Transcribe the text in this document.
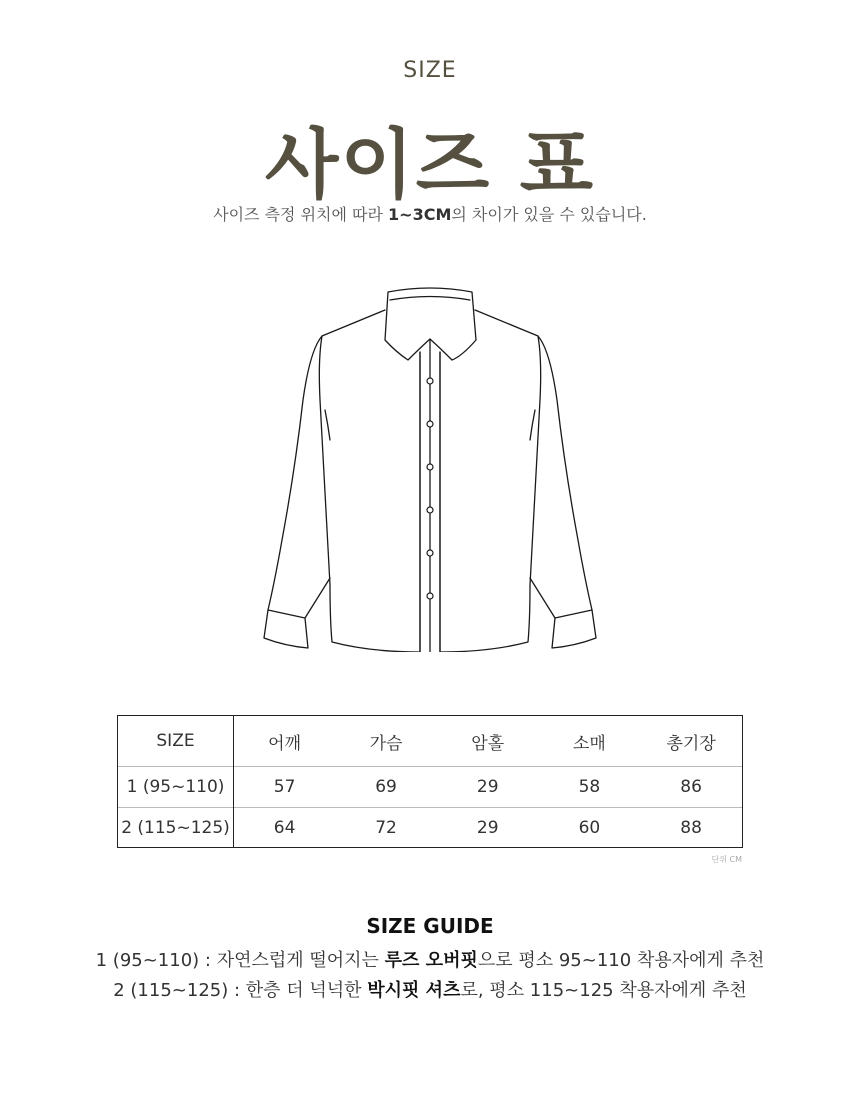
SIZE
사이즈 표
사이즈 측정 위치에 따라 1~3CM의 차이가 있을 수 있습니다.
SIZE	어깨	가슴	암홀	소매	총기장
1 (95~110)	57	69	29	58	86
2 (115~125)	64	72	29	60	88
단위 CM
SIZE GUIDE
1 (95~110) : 자연스럽게 떨어지는 루즈 오버핏으로 평소 95~110 착용자에게 추천
2 (115~125) : 한층 더 넉넉한 박시핏 셔츠로, 평소 115~125 착용자에게 추천
